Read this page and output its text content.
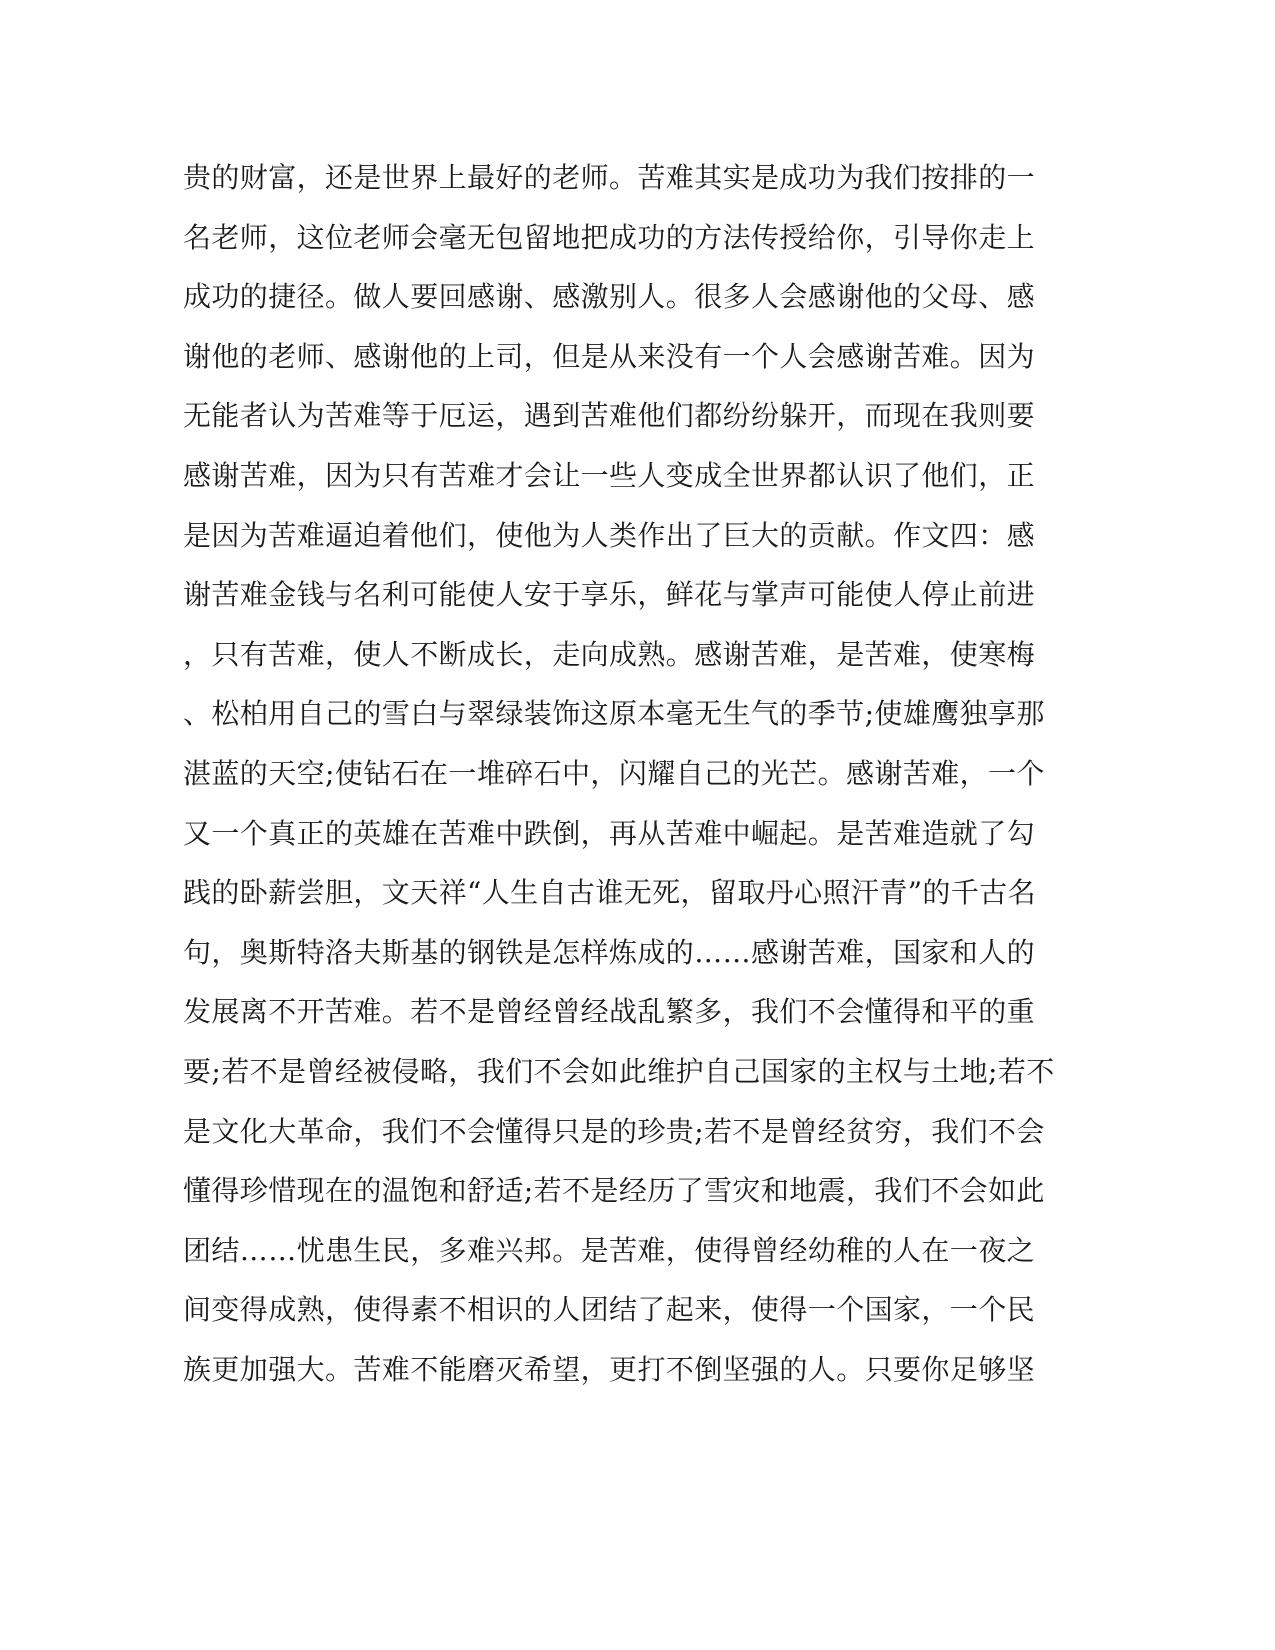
贵的财富，还是世界上最好的老师。苦难其实是成功为我们按排的一
名老师，这位老师会毫无包留地把成功的方法传授给你，引导你走上
成功的捷径。做人要回感谢、感激别人。很多人会感谢他的父母、感
谢他的老师、感谢他的上司，但是从来没有一个人会感谢苦难。因为
无能者认为苦难等于厄运，遇到苦难他们都纷纷躲开，而现在我则要
感谢苦难，因为只有苦难才会让一些人变成全世界都认识了他们，正
是因为苦难逼迫着他们，使他为人类作出了巨大的贡献。作文四：感
谢苦难金钱与名利可能使人安于享乐，鲜花与掌声可能使人停止前进
，只有苦难，使人不断成长，走向成熟。感谢苦难，是苦难，使寒梅
、松柏用自己的雪白与翠绿装饰这原本毫无生气的季节;使雄鹰独享那
湛蓝的天空;使钻石在一堆碎石中，闪耀自己的光芒。感谢苦难，一个
又一个真正的英雄在苦难中跌倒，再从苦难中崛起。是苦难造就了勾
践的卧薪尝胆，文天祥“人生自古谁无死，留取丹心照汗青”的千古名
句，奥斯特洛夫斯基的钢铁是怎样炼成的……感谢苦难，国家和人的
发展离不开苦难。若不是曾经曾经战乱繁多，我们不会懂得和平的重
要;若不是曾经被侵略，我们不会如此维护自己国家的主权与土地;若不
是文化大革命，我们不会懂得只是的珍贵;若不是曾经贫穷，我们不会
懂得珍惜现在的温饱和舒适;若不是经历了雪灾和地震，我们不会如此
团结……忧患生民，多难兴邦。是苦难，使得曾经幼稚的人在一夜之
间变得成熟，使得素不相识的人团结了起来，使得一个国家，一个民
族更加强大。苦难不能磨灭希望，更打不倒坚强的人。只要你足够坚
